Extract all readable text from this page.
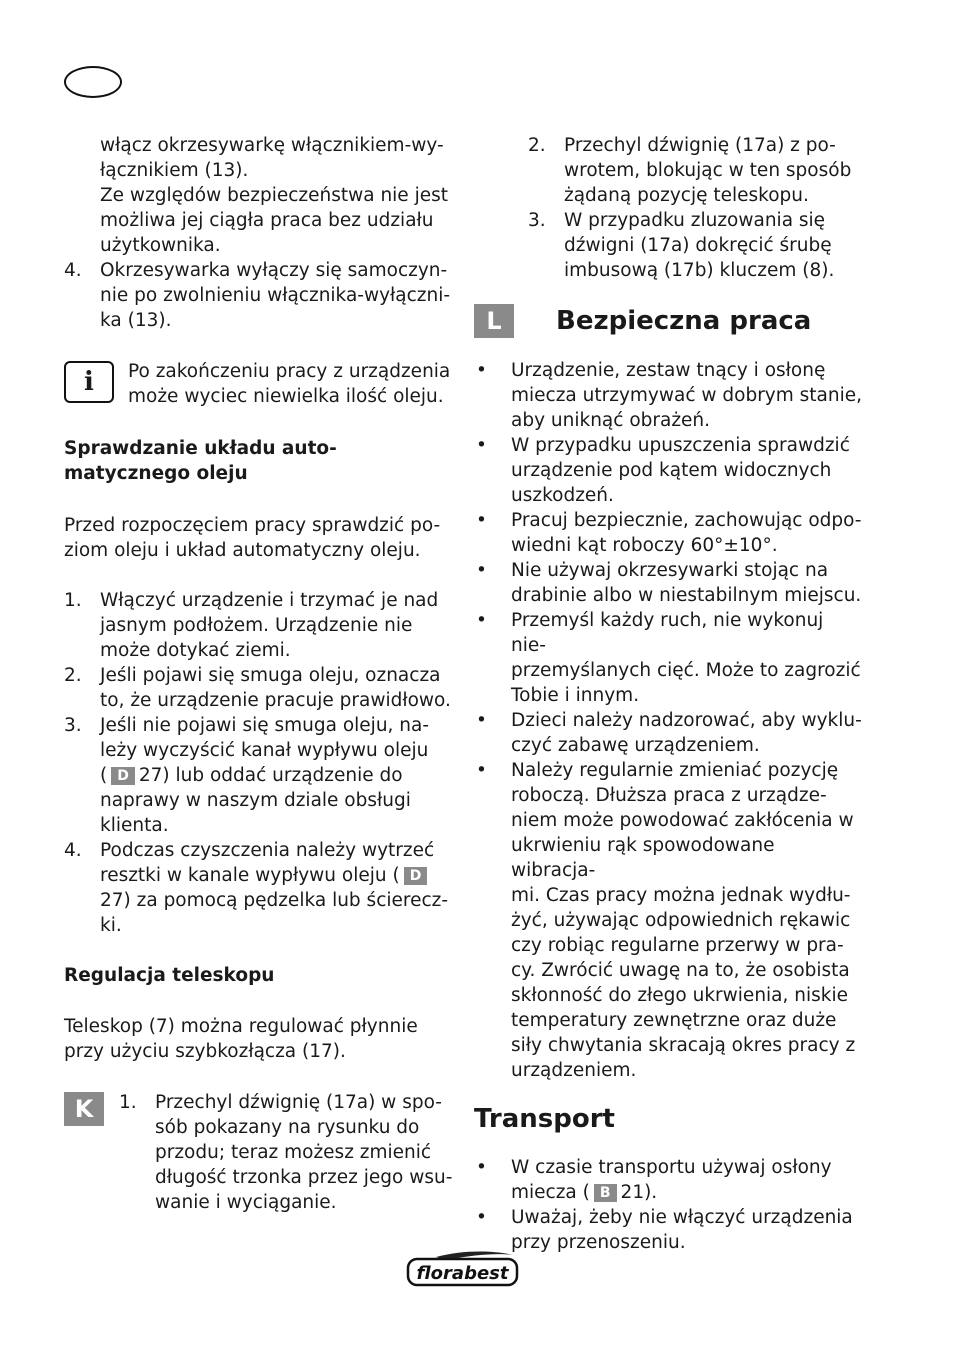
włącz okrzesywarkę włącznikiem-wy-
łącznikiem (13).
Ze względów bezpieczeństwa nie jest
możliwa jej ciągła praca bez udziału
użytkownika.
4. Okrzesywarka wyłączy się samoczyn-
nie po zwolnieniu włącznika-wyłączni-
ka (13).
i	Po zakończeniu pracy z urządzenia
może wyciec niewielka ilość oleju.
Sprawdzanie układu auto-
matycznego oleju
Przed rozpoczęciem pracy sprawdzić po-
ziom oleju i układ automatyczny oleju.
1. Włączyć urządzenie i trzymać je nad
jasnym podłożem. Urządzenie nie
może dotykać ziemi.
2. Jeśli pojawi się smuga oleju, oznacza
to, że urządzenie pracuje prawidłowo.
3. Jeśli nie pojawi się smuga oleju, na-
leży wyczyścić kanał wypływu oleju
( D 27) lub oddać urządzenie do
naprawy w naszym dziale obsługi
klienta.
4. Podczas czyszczenia należy wytrzeć
resztki w kanale wypływu oleju ( D
27) za pomocą pędzelka lub ścierecz-
ki.
Regulacja teleskopu
Teleskop (7) można regulować płynnie
przy użyciu szybkozłącza (17).
K	1. Przechyl dźwignię (17a) w spo-
sób pokazany na rysunku do
przodu; teraz możesz zmienić
długość trzonka przez jego wsu-
wanie i wyciąganie.
2. Przechyl dźwignię (17a) z po-
wrotem, blokując w ten sposób
żądaną pozycję teleskopu.
3. W przypadku zluzowania się
dźwigni (17a) dokręcić śrubę
imbusową (17b) kluczem (8).
L	Bezpieczna praca
•	Urządzenie, zestaw tnący i osłonę
miecza utrzymywać w dobrym stanie,
aby uniknąć obrażeń.
•	W przypadku upuszczenia sprawdzić
urządzenie pod kątem widocznych
uszkodzeń.
•	Pracuj bezpiecznie, zachowując odpo-
wiedni kąt roboczy 60°±10°.
•	Nie używaj okrzesywarki stojąc na
drabinie albo w niestabilnym miejscu.
•	Przemyśl każdy ruch, nie wykonuj nie-
przemyślanych cięć. Może to zagrozić
Tobie i innym.
•	Dzieci należy nadzorować, aby wyklu-
czyć zabawę urządzeniem.
•	Należy regularnie zmieniać pozycję
roboczą. Dłuższa praca z urządze-
niem może powodować zakłócenia w
ukrwieniu rąk spowodowane wibracja-
mi. Czas pracy można jednak wydłu-
żyć, używając odpowiednich rękawic
czy robiąc regularne przerwy w pra-
cy. Zwrócić uwagę na to, że osobista
skłonność do złego ukrwienia, niskie
temperatury zewnętrzne oraz duże
siły chwytania skracają okres pracy z
urządzeniem.
Transport
•	W czasie transportu używaj osłony
miecza ( B 21).
•	Uważaj, żeby nie włączyć urządzenia
przy przenoszeniu.
florabest
